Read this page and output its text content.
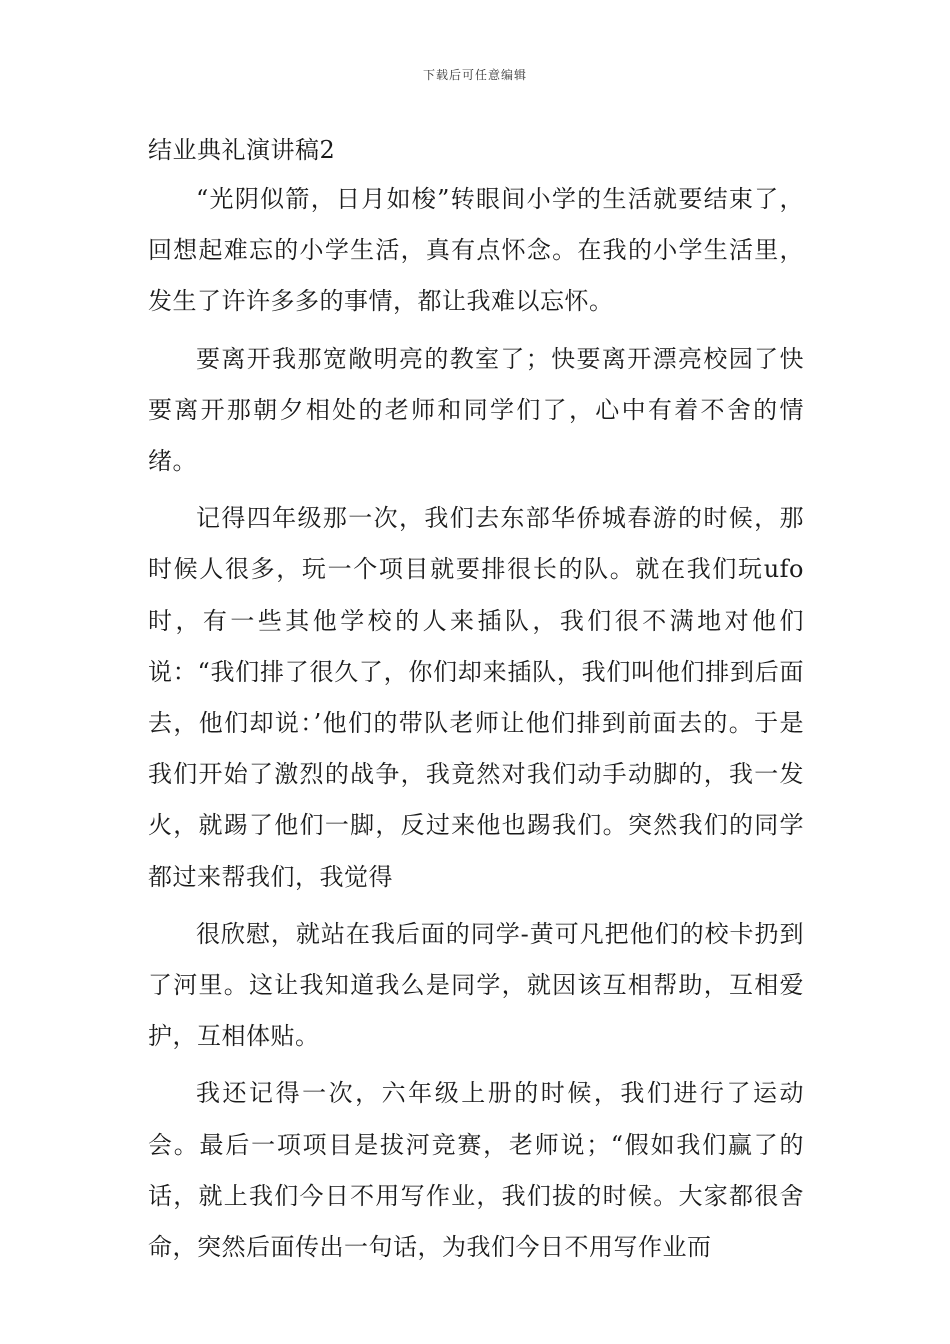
下载后可任意编辑
结业典礼演讲稿2

“光阴似箭，日月如梭”转眼间小学的生活就要结束了，回想起难忘的小学生活，真有点怀念。在我的小学生活里，发生了许许多多的事情，都让我难以忘怀。

要离开我那宽敞明亮的教室了；快要离开漂亮校园了快要离开那朝夕相处的老师和同学们了，心中有着不舍的情绪。

记得四年级那一次，我们去东部华侨城春游的时候，那时候人很多，玩一个项目就要排很长的队。就在我们玩ufo时，有一些其他学校的人来插队，我们很不满地对他们说：“我们排了很久了，你们却来插队，我们叫他们排到后面去，他们却说：’他们的带队老师让他们排到前面去的。于是我们开始了激烈的战争，我竟然对我们动手动脚的，我一发火，就踢了他们一脚，反过来他也踢我们。突然我们的同学都过来帮我们，我觉得

很欣慰，就站在我后面的同学-黄可凡把他们的校卡扔到了河里。这让我知道我么是同学，就因该互相帮助，互相爱护，互相体贴。

我还记得一次，六年级上册的时候，我们进行了运动会。最后一项项目是拔河竞赛，老师说；“假如我们赢了的话，就上我们今日不用写作业，我们拔的时候。大家都很舍命，突然后面传出一句话，为我们今日不用写作业而
